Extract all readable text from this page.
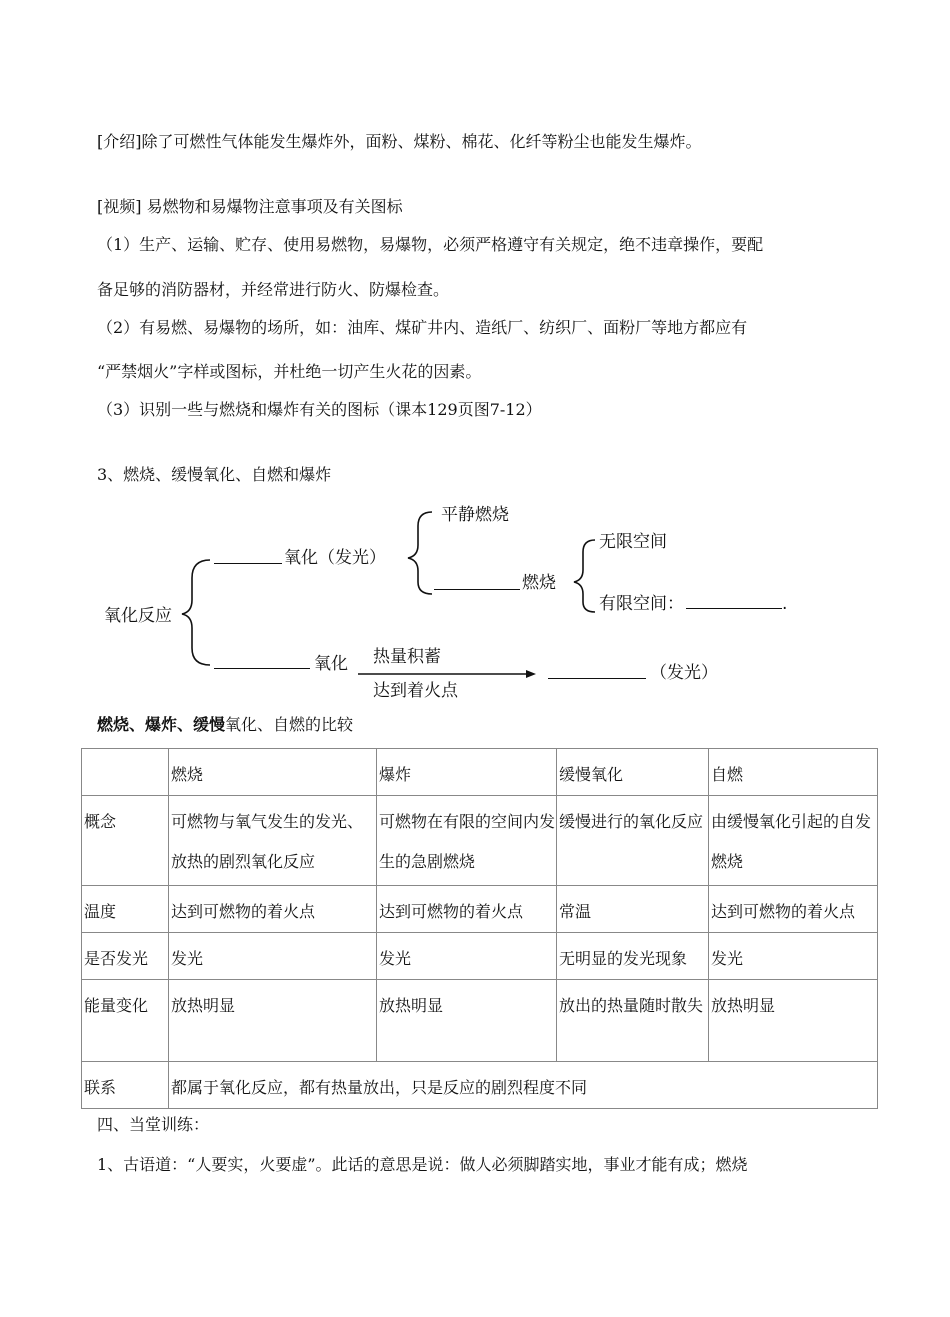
[介绍]除了可燃性气体能发生爆炸外，面粉、煤粉、棉花、化纤等粉尘也能发生爆炸。
[视频] 易燃物和易爆物注意事项及有关图标
（1）生产、运输、贮存、使用易燃物，易爆物，必须严格遵守有关规定，绝不违章操作，要配
备足够的消防器材，并经常进行防火、防爆检查。
（2）有易燃、易爆物的场所，如：油库、煤矿井内、造纸厂、纺织厂、面粉厂等地方都应有
“严禁烟火”字样或图标，并杜绝一切产生火花的因素。
（3）识别一些与燃烧和爆炸有关的图标（课本129页图7-12）
3、燃烧、缓慢氧化、自燃和爆炸
氧化反应
氧化（发光）
平静燃烧
燃烧
无限空间
有限空间：	.
氧化 热量积蓄
达到着火点
（发光）
燃烧、爆炸、缓慢氧化、自燃的比较
	燃烧	爆炸	缓慢氧化	自燃
概念	可燃物与氧气发生的发光、放热的剧烈氧化反应	可燃物在有限的空间内发生的急剧燃烧	缓慢进行的氧化反应	由缓慢氧化引起的自发燃烧
温度	达到可燃物的着火点	达到可燃物的着火点	常温	达到可燃物的着火点
是否发光	发光	发光	无明显的发光现象	发光
能量变化	放热明显	放热明显	放出的热量随时散失	放热明显
联系	都属于氧化反应，都有热量放出，只是反应的剧烈程度不同			
四、当堂训练：
1、古语道：“人要实，火要虚”。此话的意思是说：做人必须脚踏实地，事业才能有成；燃烧
